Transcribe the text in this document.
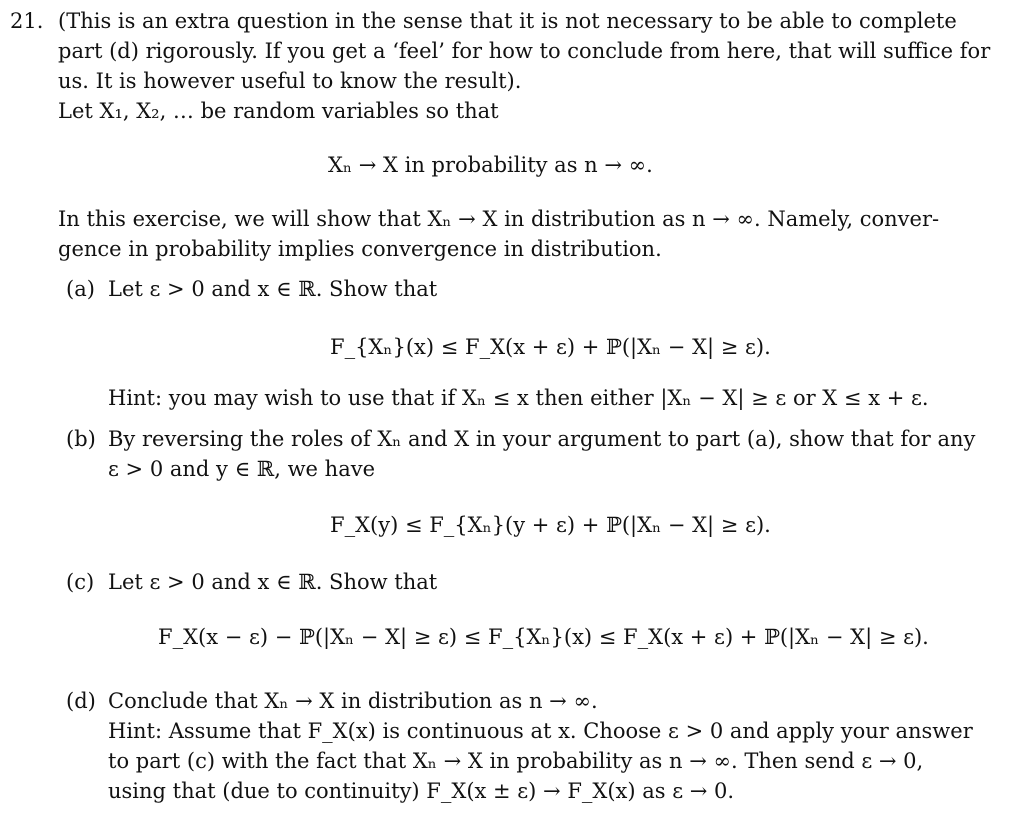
21. (This is an extra question in the sense that it is not necessary to be able to complete
part (d) rigorously. If you get a ‘feel’ for how to conclude from here, that will suffice for
us. It is however useful to know the result).
Let X₁, X₂, … be random variables so that
Xₙ → X in probability as n → ∞.
In this exercise, we will show that Xₙ → X in distribution as n → ∞. Namely, conver-
gence in probability implies convergence in distribution.
(a) Let ε > 0 and x ∈ ℝ. Show that
F_{Xₙ}(x) ≤ F_X(x + ε) + ℙ(|Xₙ − X| ≥ ε).
Hint: you may wish to use that if Xₙ ≤ x then either |Xₙ − X| ≥ ε or X ≤ x + ε.
(b) By reversing the roles of Xₙ and X in your argument to part (a), show that for any
ε > 0 and y ∈ ℝ, we have
F_X(y) ≤ F_{Xₙ}(y + ε) + ℙ(|Xₙ − X| ≥ ε).
(c) Let ε > 0 and x ∈ ℝ. Show that
F_X(x − ε) − ℙ(|Xₙ − X| ≥ ε) ≤ F_{Xₙ}(x) ≤ F_X(x + ε) + ℙ(|Xₙ − X| ≥ ε).
(d) Conclude that Xₙ → X in distribution as n → ∞.
Hint: Assume that F_X(x) is continuous at x. Choose ε > 0 and apply your answer
to part (c) with the fact that Xₙ → X in probability as n → ∞. Then send ε → 0,
using that (due to continuity) F_X(x ± ε) → F_X(x) as ε → 0.
